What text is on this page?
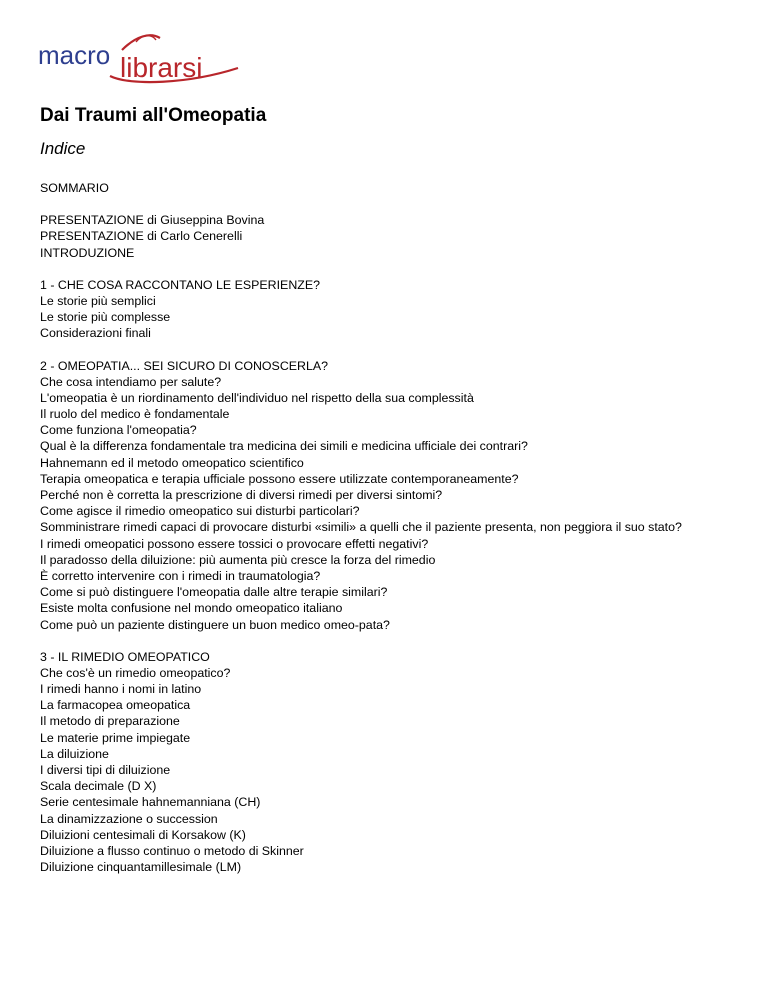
macro librarsi
Dai Traumi all'Omeopatia
Indice
SOMMARIO
PRESENTAZIONE di Giuseppina Bovina
PRESENTAZIONE di Carlo Cenerelli
INTRODUZIONE
1 - CHE COSA RACCONTANO LE ESPERIENZE?
Le storie più semplici
Le storie più complesse
Considerazioni finali
2 - OMEOPATIA... SEI SICURO DI CONOSCERLA?
Che cosa intendiamo per salute?
L'omeopatia è un riordinamento dell'individuo nel rispetto della sua complessità
Il ruolo del medico è fondamentale
Come funziona l'omeopatia?
Qual è la differenza fondamentale tra medicina dei simili e medicina ufficiale dei contrari?
Hahnemann ed il metodo omeopatico scientifico
Terapia omeopatica e terapia ufficiale possono essere utilizzate contemporaneamente?
Perché non è corretta la prescrizione di diversi rimedi per diversi sintomi?
Come agisce il rimedio omeopatico sui disturbi particolari?
Somministrare rimedi capaci di provocare disturbi «simili» a quelli che il paziente presenta, non peggiora il suo stato?
I rimedi omeopatici possono essere tossici o provocare effetti negativi?
Il paradosso della diluizione: più aumenta più cresce la forza del rimedio
È corretto intervenire con i rimedi in traumatologia?
Come si può distinguere l'omeopatia dalle altre terapie similari?
Esiste molta confusione nel mondo omeopatico italiano
Come può un paziente distinguere un buon medico omeo-pata?
3 - IL RIMEDIO OMEOPATICO
Che cos'è un rimedio omeopatico?
I rimedi hanno i nomi in latino
La farmacopea omeopatica
Il metodo di preparazione
Le materie prime impiegate
La diluizione
I diversi tipi di diluizione
Scala decimale (D X)
Serie centesimale hahnemanniana (CH)
La dinamizzazione o succession
Diluizioni centesimali di Korsakow (K)
Diluizione a flusso continuo o metodo di Skinner
Diluizione cinquantamillesimale (LM)
